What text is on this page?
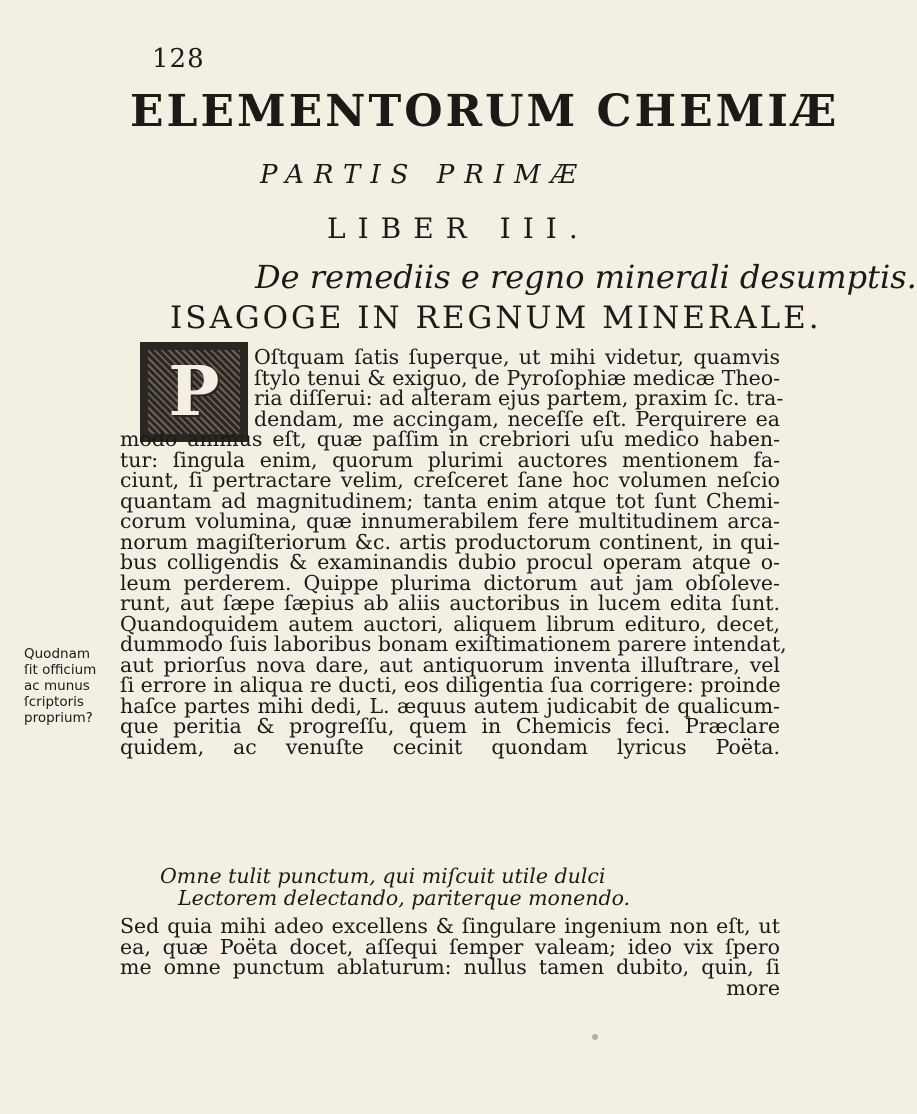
128
ELEMENTORUM CHEMIÆ
PARTIS PRIMÆ
LIBER III.
De remediis e regno minerali desumptis.
ISAGOGE IN REGNUM MINERALE.
P Oſtquam ſatis ſuperque, ut mihi videtur, quamvis
ſtylo tenui & exiguo, de Pyroſophiæ medicæ Theo-
ria diſſerui: ad alteram ejus partem, praxim ſc. tra-
dendam, me accingam, neceſſe eſt. Perquirere ea
modo animus eſt, quæ paſſim in crebriori uſu medico haben-
tur: ſingula enim, quorum plurimi auctores mentionem fa-
ciunt, ſi pertractare velim, creſceret ſane hoc volumen neſcio
quantam ad magnitudinem; tanta enim atque tot ſunt Chemi-
corum volumina, quæ innumerabilem fere multitudinem arca-
norum magiſteriorum &c. artis productorum continent, in qui-
bus colligendis & examinandis dubio procul operam atque o-
leum perderem. Quippe plurima dictorum aut jam obſoleve-
runt, aut ſæpe ſæpius ab aliis auctoribus in lucem edita ſunt.
Quandoquidem autem auctori, aliquem librum edituro, decet,
dummodo ſuis laboribus bonam exiſtimationem parere intendat,
aut priorſus nova dare, aut antiquorum inventa illuſtrare, vel
ſi errore in aliqua re ducti, eos diligentia ſua corrigere: proinde
haſce partes mihi dedi, L. æquus autem judicabit de qualicum-
que peritia & progreſſu, quem in Chemicis feci. Præclare
quidem, ac venuſte cecinit quondam lyricus Poëta.
Omne tulit punctum, qui miſcuit utile dulci
Lectorem delectando, pariterque monendo.
Sed quia mihi adeo excellens & ſingulare ingenium non eſt, ut
ea, quæ Poëta docet, aſſequi ſemper valeam; ideo vix ſpero
me omne punctum ablaturum: nullus tamen dubito, quin, ſi
more
Quodnam
ſit officium
ac munus
ſcriptoris
proprium?
